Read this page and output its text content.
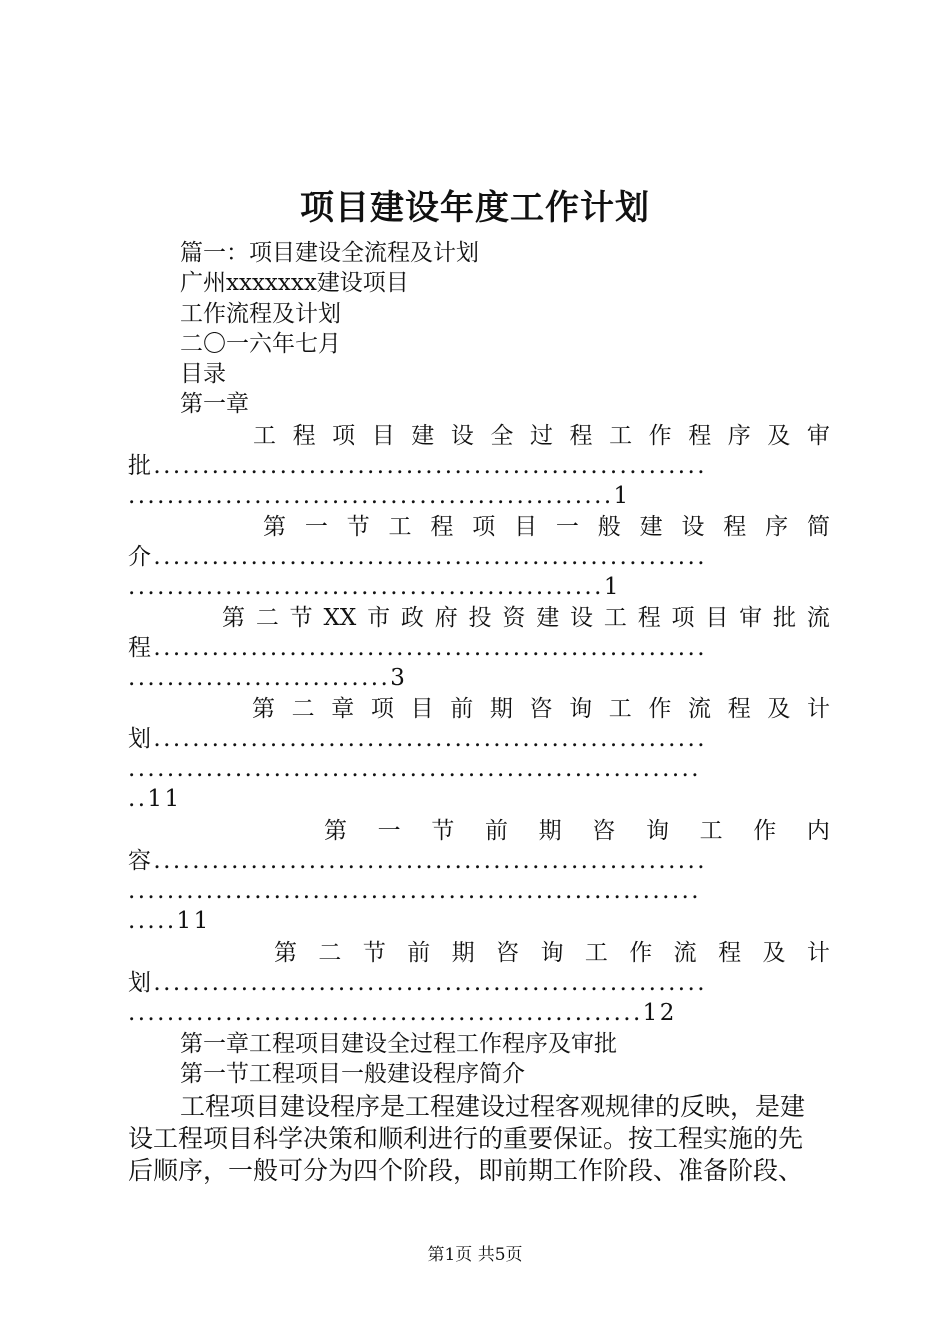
项目建设年度工作计划
篇一：项目建设全流程及计划
广州xxxxxxx建设项目
工作流程及计划
二〇一六年七月
目录
第一章
工 程 项 目 建 设 全 过 程 工 作 程 序 及 审
批.........................................................
..................................................1
第 一 节 工 程 项 目 一 般 建 设 程 序 简
介.........................................................
.................................................1
第 二 节 XX 市 政 府 投 资 建 设 工 程 项 目 审 批 流
程.........................................................
...........................3
第 二 章 项 目 前 期 咨 询 工 作 流 程 及 计
划.........................................................
...........................................................
..11
第 一 节 前 期 咨 询 工 作 内
容.........................................................
...........................................................
.....11
第 二 节 前 期 咨 询 工 作 流 程 及 计
划.........................................................
.....................................................12
第一章工程项目建设全过程工作程序及审批
第一节工程项目一般建设程序简介
工程项目建设程序是工程建设过程客观规律的反映，是建
设工程项目科学决策和顺利进行的重要保证。按工程实施的先
后顺序，一般可分为四个阶段，即前期工作阶段、准备阶段、
第1页 共5页
